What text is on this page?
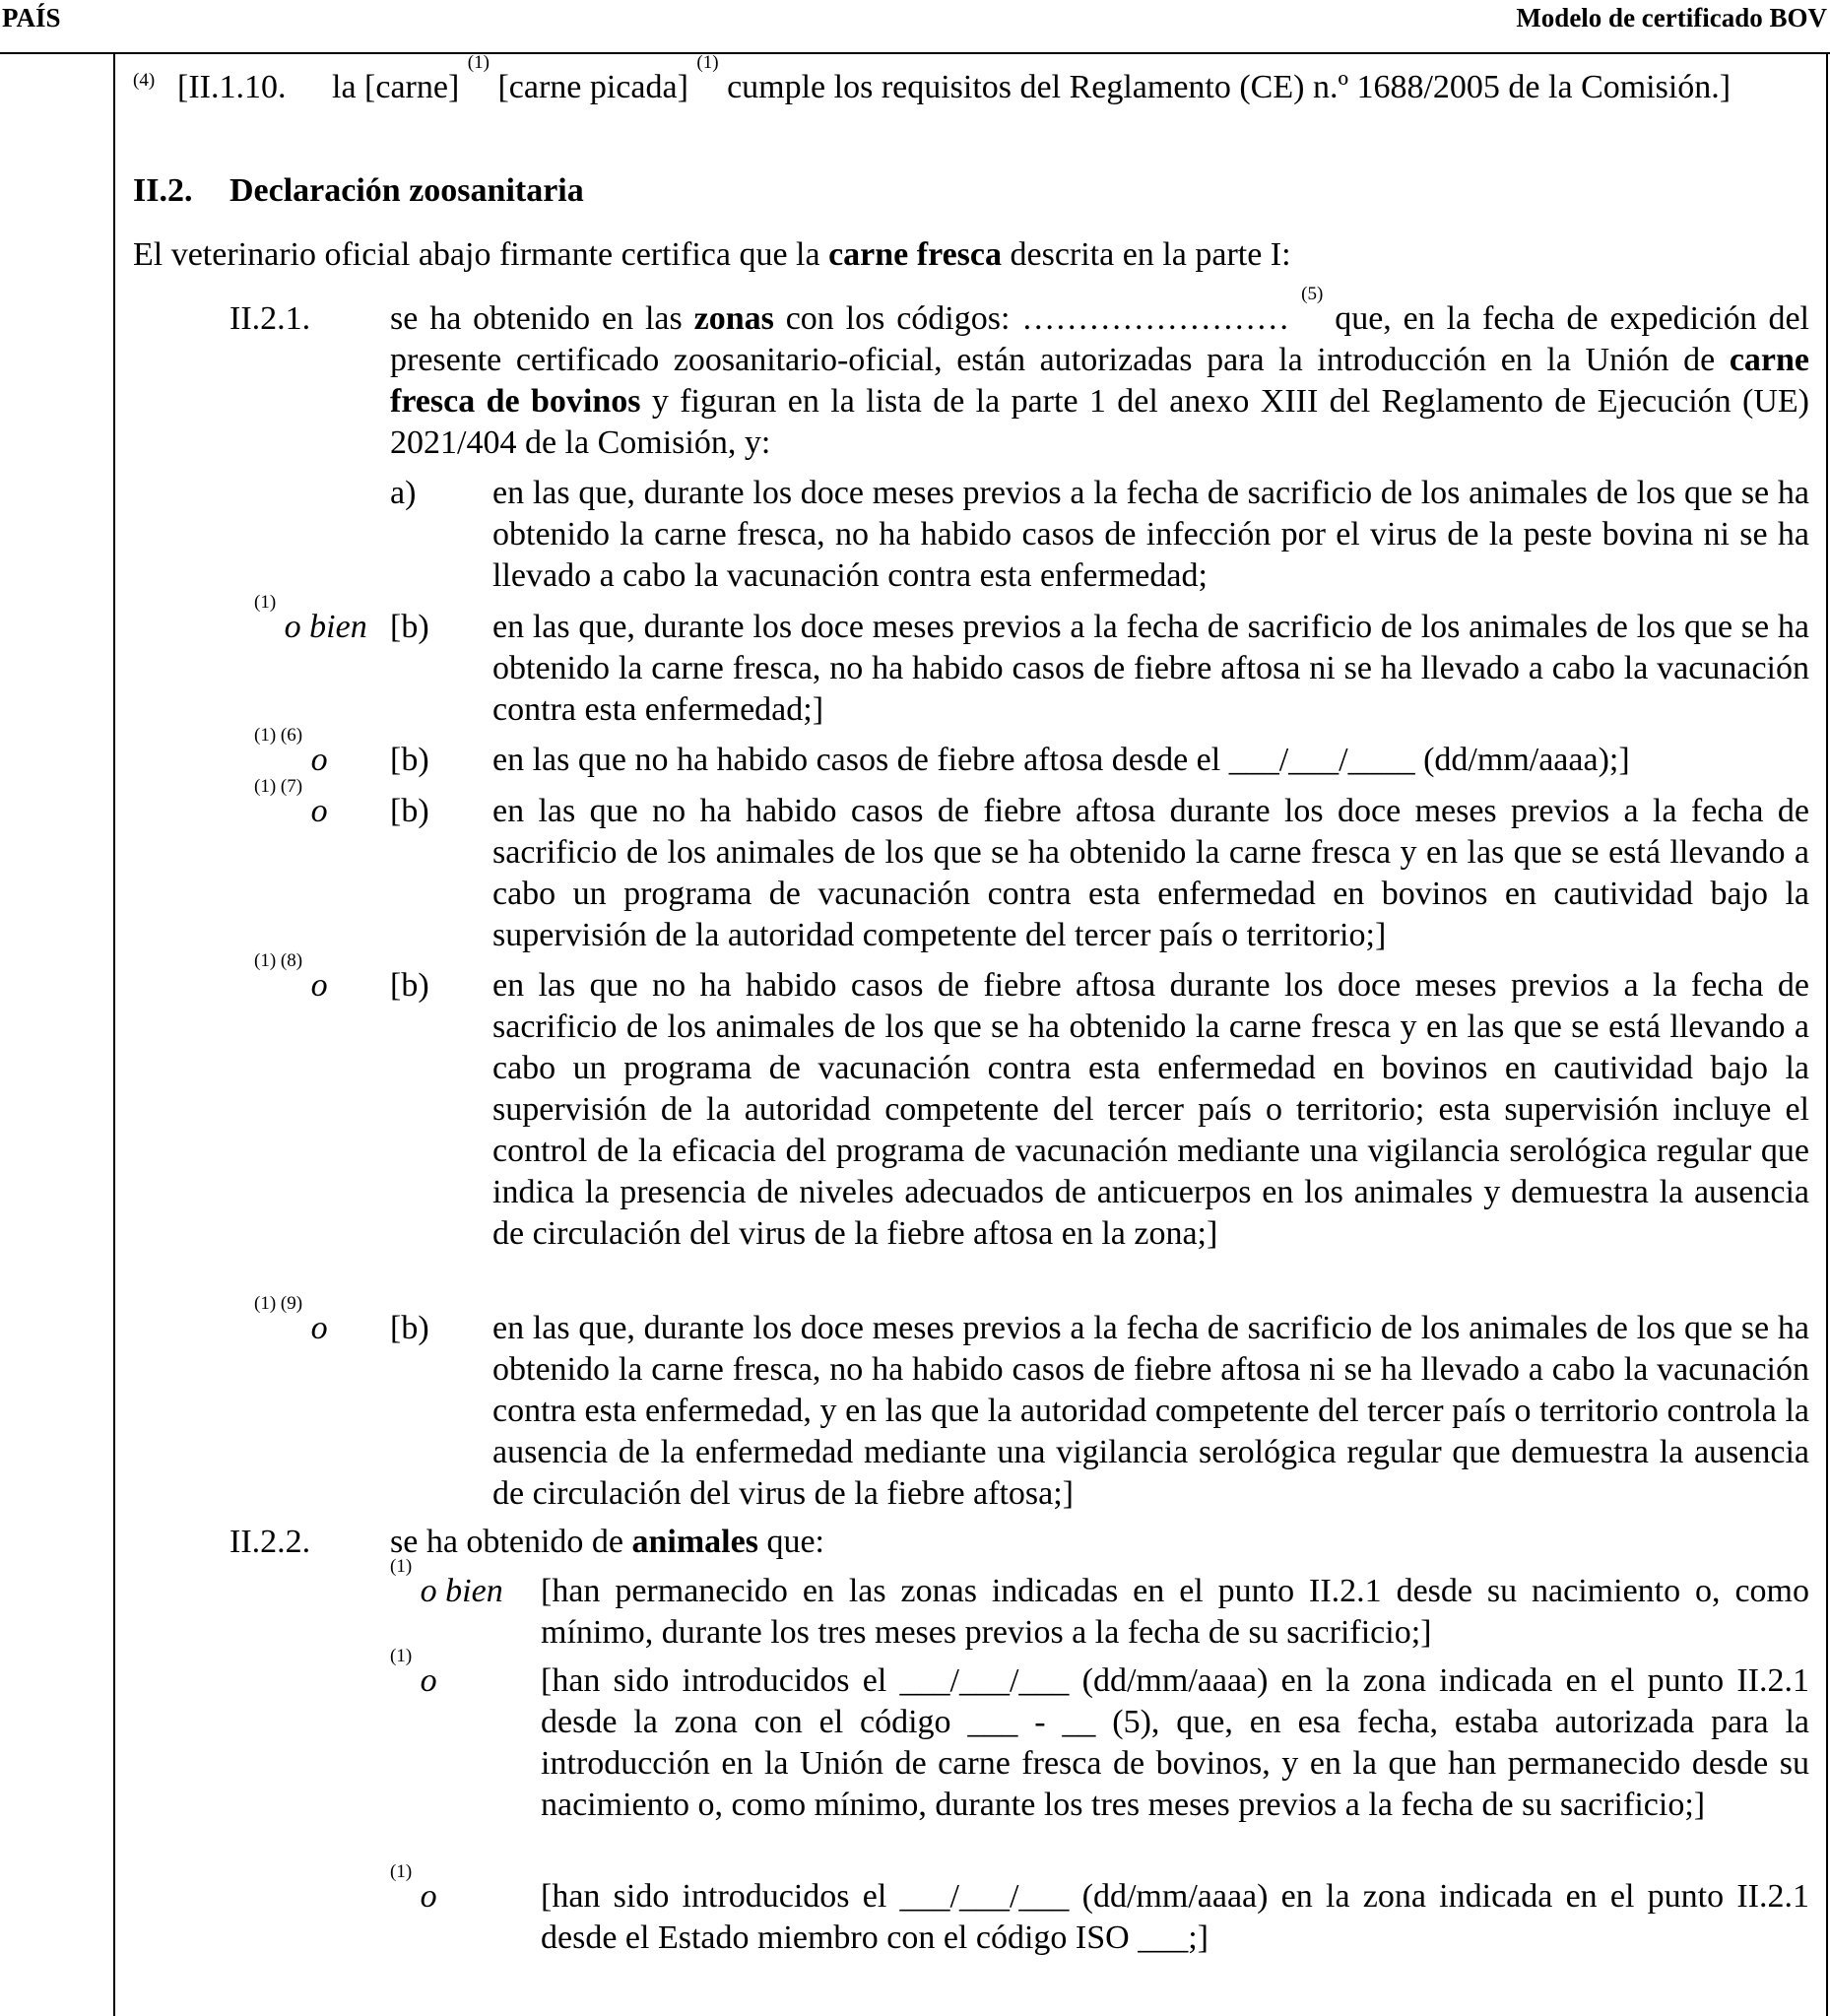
PAÍS	Modelo de certificado BOV
$^{(4)}$ [II.1.10. la [carne] $^{(1)}$ [carne picada] $^{(1)}$ cumple los requisitos del Reglamento (CE) n.º 1688/2005 de la Comisión.]
II.2. Declaración zoosanitaria
El veterinario oficial abajo firmante certifica que la carne fresca descrita en la parte I:
II.2.1. se ha obtenido en las zonas con los códigos: …………………… $^{(5)}$ que, en la fecha de expedición del presente certificado zoosanitario-oficial, están autorizadas para la introducción en la Unión de carne fresca de bovinos y figuran en la lista de la parte 1 del anexo XIII del Reglamento de Ejecución (UE) 2021/404 de la Comisión, y:
a) en las que, durante los doce meses previos a la fecha de sacrificio de los animales de los que se ha obtenido la carne fresca, no ha habido casos de infección por el virus de la peste bovina ni se ha llevado a cabo la vacunación contra esta enfermedad;
$^{(1)}$ o bien [b) en las que, durante los doce meses previos a la fecha de sacrificio de los animales de los que se ha obtenido la carne fresca, no ha habido casos de fiebre aftosa ni se ha llevado a cabo la vacunación contra esta enfermedad;]
$^{(1) (6)}$ o [b) en las que no ha habido casos de fiebre aftosa desde el ___/___/____ (dd/mm/aaaa);]
$^{(1) (7)}$ o [b) en las que no ha habido casos de fiebre aftosa durante los doce meses previos a la fecha de sacrificio de los animales de los que se ha obtenido la carne fresca y en las que se está llevando a cabo un programa de vacunación contra esta enfermedad en bovinos en cautividad bajo la supervisión de la autoridad competente del tercer país o territorio;]
$^{(1) (8)}$ o [b) en las que no ha habido casos de fiebre aftosa durante los doce meses previos a la fecha de sacrificio de los animales de los que se ha obtenido la carne fresca y en las que se está llevando a cabo un programa de vacunación contra esta enfermedad en bovinos en cautividad bajo la supervisión de la autoridad competente del tercer país o territorio; esta supervisión incluye el control de la eficacia del programa de vacunación mediante una vigilancia serológica regular que indica la presencia de niveles adecuados de anticuerpos en los animales y demuestra la ausencia de circulación del virus de la fiebre aftosa en la zona;]
$^{(1) (9)}$ o [b) en las que, durante los doce meses previos a la fecha de sacrificio de los animales de los que se ha obtenido la carne fresca, no ha habido casos de fiebre aftosa ni se ha llevado a cabo la vacunación contra esta enfermedad, y en las que la autoridad competente del tercer país o territorio controla la ausencia de la enfermedad mediante una vigilancia serológica regular que demuestra la ausencia de circulación del virus de la fiebre aftosa;]
II.2.2. se ha obtenido de animales que:
$^{(1)}$ o bien [han permanecido en las zonas indicadas en el punto II.2.1 desde su nacimiento o, como mínimo, durante los tres meses previos a la fecha de su sacrificio;]
$^{(1)}$ o	[han sido introducidos el ___/___/___ (dd/mm/aaaa) en la zona indicada en el punto II.2.1 desde la zona con el código ___ - __ (5), que, en esa fecha, estaba autorizada para la introducción en la Unión de carne fresca de bovinos, y en la que han permanecido desde su nacimiento o, como mínimo, durante los tres meses previos a la fecha de su sacrificio;]
$^{(1)}$ o	[han sido introducidos el ___/___/___ (dd/mm/aaaa) en la zona indicada en el punto II.2.1 desde el Estado miembro con el código ISO ___;]
